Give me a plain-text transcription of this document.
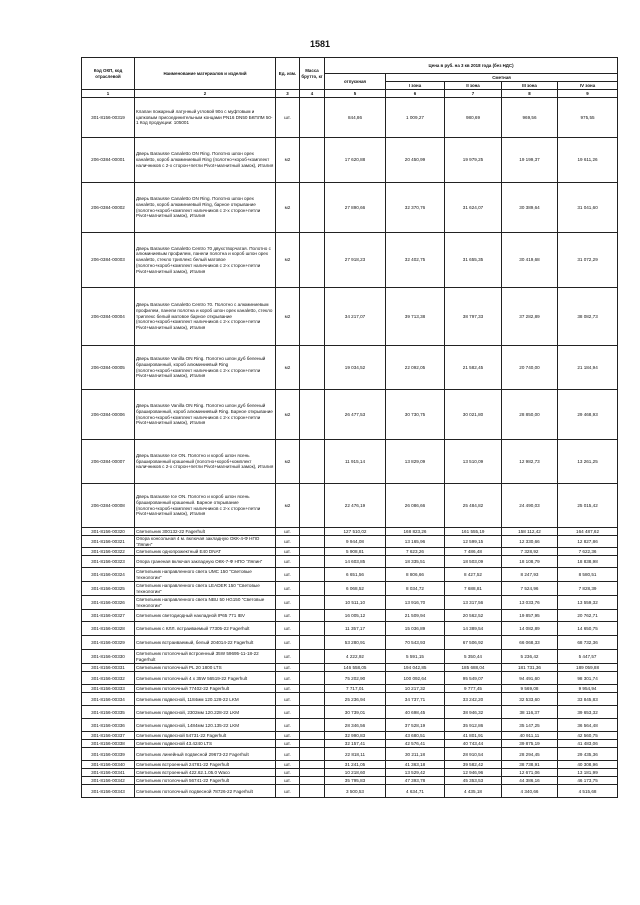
1581
Код ОКП, код отраслевой	Наименование материалов и изделий	Ед. изм.	Масса брутто, кг	Цена в руб. на 3 кв 2018 года (без НДС)				
				отпускная	Сметная			
					I зона	II зона	III зона	IV зона
1	2	3	4	5	6	7	8	9
301-8156-00319	Клапан пожарный латунный угловой 90о с муфтовым и цапковым присоединительным концами PN16 DN50 БКПЛМ 50-1 Код продукции: 105001	шт.		844,86	1 009,27	980,69	969,56	975,55
206-0384-00001	Дверь Barausse Canaletto ON Ring. Полотно шпон орех канaletto, короб алюминиевый Ring (полотно+короб+комплект наличников с 2-х сторон+петли Pivot+магнитный замок), Италия	м2		17 620,88	20 450,99	19 979,25	19 199,37	19 611,26
206-0384-00002	Дверь Barausse Canaletto ON Ring. Полотно шпон орех канaletto, короб алюминиевый Ring, барное открывание (полотно+короб+комплект наличников с 2-х сторон+петли Pivot+магнитный замок), Италия	м2		27 890,66	32 370,76	31 624,07	30 389,64	31 041,60
206-0384-00003	Дверь Barausse Canaletto Centro 70 двухстворчатая. Полотно с алюминиевым профилем, панели полотна и короб шпон орех канaletto, стекло триплекс белый матовое (полотно+короб+комплект наличников с 2-х сторон+петли Pivot+магнитный замок), Италия	м2		27 918,23	32 402,75	31 655,35	30 419,68	31 072,29
206-0384-00004	Дверь Barausse Canaletto Centro 70. Полотно с алюминиевым профилем, панели полотна и короб шпон орех канaletto, стекло триплекс белый матовое барное открывание (полотно+короб+комплект наличников с 2-х сторон+петли Pivot+магнитный замок), Италия	м2		34 217,07	39 713,38	38 797,33	37 282,89	38 082,73
206-0384-00005	Дверь Barausse Vanilla ON Ring. Полотно шпон дуб беленый браширoванный, короб алюминиевый Ring (полотно+короб+комплект наличников с 2-х сторон+петли Pivot+магнитный замок), Италия	м2		19 034,52	22 092,05	21 582,45	20 740,00	21 184,94
206-0384-00006	Дверь Barausse Vanilla ON Ring. Полотно шпон дуб беленый браширoванный, короб алюминиевый Ring. Барное открывание (полотно+короб+комплект наличников с 2-х сторон+петли Pivot+магнитный замок), Италия	м2		26 477,53	30 730,75	30 021,80	28 850,00	29 468,93
206-0384-00007	Дверь Barausse Ice ON. Полотно и короб шпон ясень браширoванный крашеный (полотно+короб+комплект наличников с 2-х сторон+петли Pivot+магнитный замок), Италия	м2		11 915,14	13 829,09	13 510,09	12 982,73	13 261,25
206-0384-00008	Дверь Barausse Ice ON. Полотно и короб шпон ясень браширoванный крашеный. Барное открывание (полотно+короб+комплект наличников с 2-х сторон+петли Pivot+магнитный замок), Италия	м2		22 476,19	26 086,66	25 484,82	24 490,03	25 015,42
301-8156-00320	Светильник 300132-22 Fagerhult	шт.		127 510,02	168 823,26	161 555,19	158 112,42	164 487,62
301-8156-00321	Опора консольная 4 м. включая закладную ОКК-4-Ф НПО "Ляпин"	шт.		9 944,08	13 165,96	12 599,15	12 330,66	12 827,86
301-8156-00322	Светильник однопрожектный Е40 DNAT	шт.		5 908,81	7 623,26	7 486,48	7 328,92	7 622,36
301-8156-00323	Опора граненая включая закладную ОКК-7-Ф НПО "Ляпин"	шт.		14 603,85	18 335,51	18 503,09	18 108,79	18 838,98
301-8156-00324	Светильник направленного света UMC 150 "Световые технологии"	шт.		6 651,56	8 806,66	8 427,52	8 247,93	8 580,51
301-8156-00325	Светильник направленного света LEADER 150 "Световые технологии"	шт.		6 068,52	8 034,72	7 688,81	7 524,96	7 828,39
301-8156-00326	Светильник направленного света NBU 50 HG150 "Световые технологии"	шт.		10 511,10	13 916,70	13 317,56	13 033,76	13 559,32
301-8156-00327	Светильник светодиодный накладной IP65 771 IBV	шт.		16 005,12	21 509,94	20 562,52	19 857,95	20 762,71
301-8156-00328	Светильник с КЛЛ. встраиваемый 77305-22 Fagerhult	шт.		11 357,17	15 036,89	14 389,54	14 082,89	14 650,75
301-8156-00329	Светильник встраиваемый, белый 204014-22 Fagerhult	шт.		53 280,91	70 543,93	67 506,92	66 068,33	68 732,36
301-8156-00330	Светильник потолочный встроенный 35W 59695-11-18-22 Fagerhult	шт.		4 222,92	5 591,15	5 350,44	5 236,42	5 447,57
301-8156-00331	Светильник потолочный PL 20 1800 LTS	шт.		146 558,05	194 042,85	185 688,04	181 731,36	189 059,88
301-8156-00332	Светильник потолочный 4 x 35W 56519-22 Fagerhult	шт.		75 202,90	100 092,64	95 549,07	94 491,60	98 301,74
301-8156-00333	Светильник потолочный 77402-22 Fagerhult	шт.		7 717,01	10 217,32	9 777,45	9 569,08	9 954,94
301-8156-00334	Светильник подвесной, 1184мм 120.128-22 LKM	шт.		25 236,94	34 737,71	33 242,20	32 533,60	33 845,83
301-8156-00335	Светильник подвесной, 2302мм 120.228-22 LKM	шт.		30 739,01	40 698,45	38 946,32	38 116,37	39 653,32
301-8156-00336	Светильник подвесной, 1484мм 120.135-22 LKM	шт.		28 346,56	37 528,19	35 912,86	35 147,25	36 564,48
301-8156-00337	Светильник подвесной 54731-22 Fagerhult	шт.		32 990,83	43 680,51	41 801,91	40 911,11	42 560,75
301-8156-00338	Светильник подвесной 43.4240 LTS	шт.		32 157,41	42 576,41	40 743,44	39 875,19	41 483,06
301-8156-00339	Светильник линейный подвесной 29673-22 Fagerhult	шт.		22 818,11	30 211,18	28 910,54	28 294,45	29 435,36
301-8156-00340	Светильник встроенный 24781-22 Fagerhult	шт.		31 241,05	41 363,18	39 582,42	38 738,91	40 308,96
301-8156-00341	Светильник встроенный 422.62.1.05.0 Waco	шт.		10 218,60	13 529,42	12 946,96	12 671,06	13 181,99
301-8156-00342	Светильник потолочный 56741-22 Fagerhult	шт.		35 795,83	47 393,78	45 353,53	44 386,16	46 173,75
301-8156-00343	Светильник потолочный подвесной 78726-22 Fagerhult	шт.		3 500,53	4 634,71	4 435,18	4 340,66	4 515,68
